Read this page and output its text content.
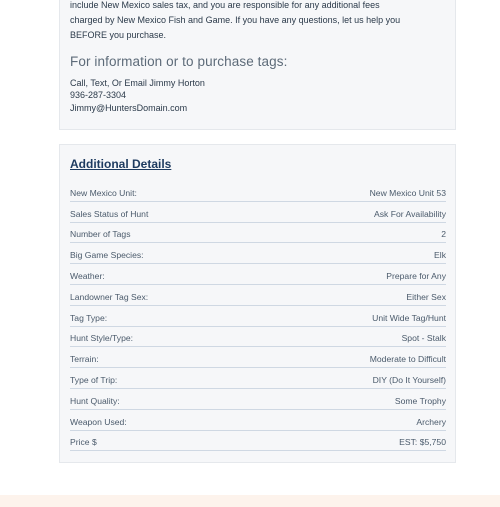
include New Mexico sales tax, and you are responsible for any additional fees
charged by New Mexico Fish and Game. If you have any questions, let us help you
BEFORE you purchase.

For information or to purchase tags:
Call, Text, Or Email Jimmy Horton
936-287-3304
Jimmy@HuntersDomain.com
Additional Details
New Mexico Unit:	New Mexico Unit 53
Sales Status of Hunt	Ask For Availability
Number of Tags	2
Big Game Species:	Elk
Weather:	Prepare for Any
Landowner Tag Sex:	Either Sex
Tag Type:	Unit Wide Tag/Hunt
Hunt Style/Type:	Spot - Stalk
Terrain:	Moderate to Difficult
Type of Trip:	DIY (Do It Yourself)
Hunt Quality:	Some Trophy
Weapon Used:	Archery
Price $	EST: $5,750
